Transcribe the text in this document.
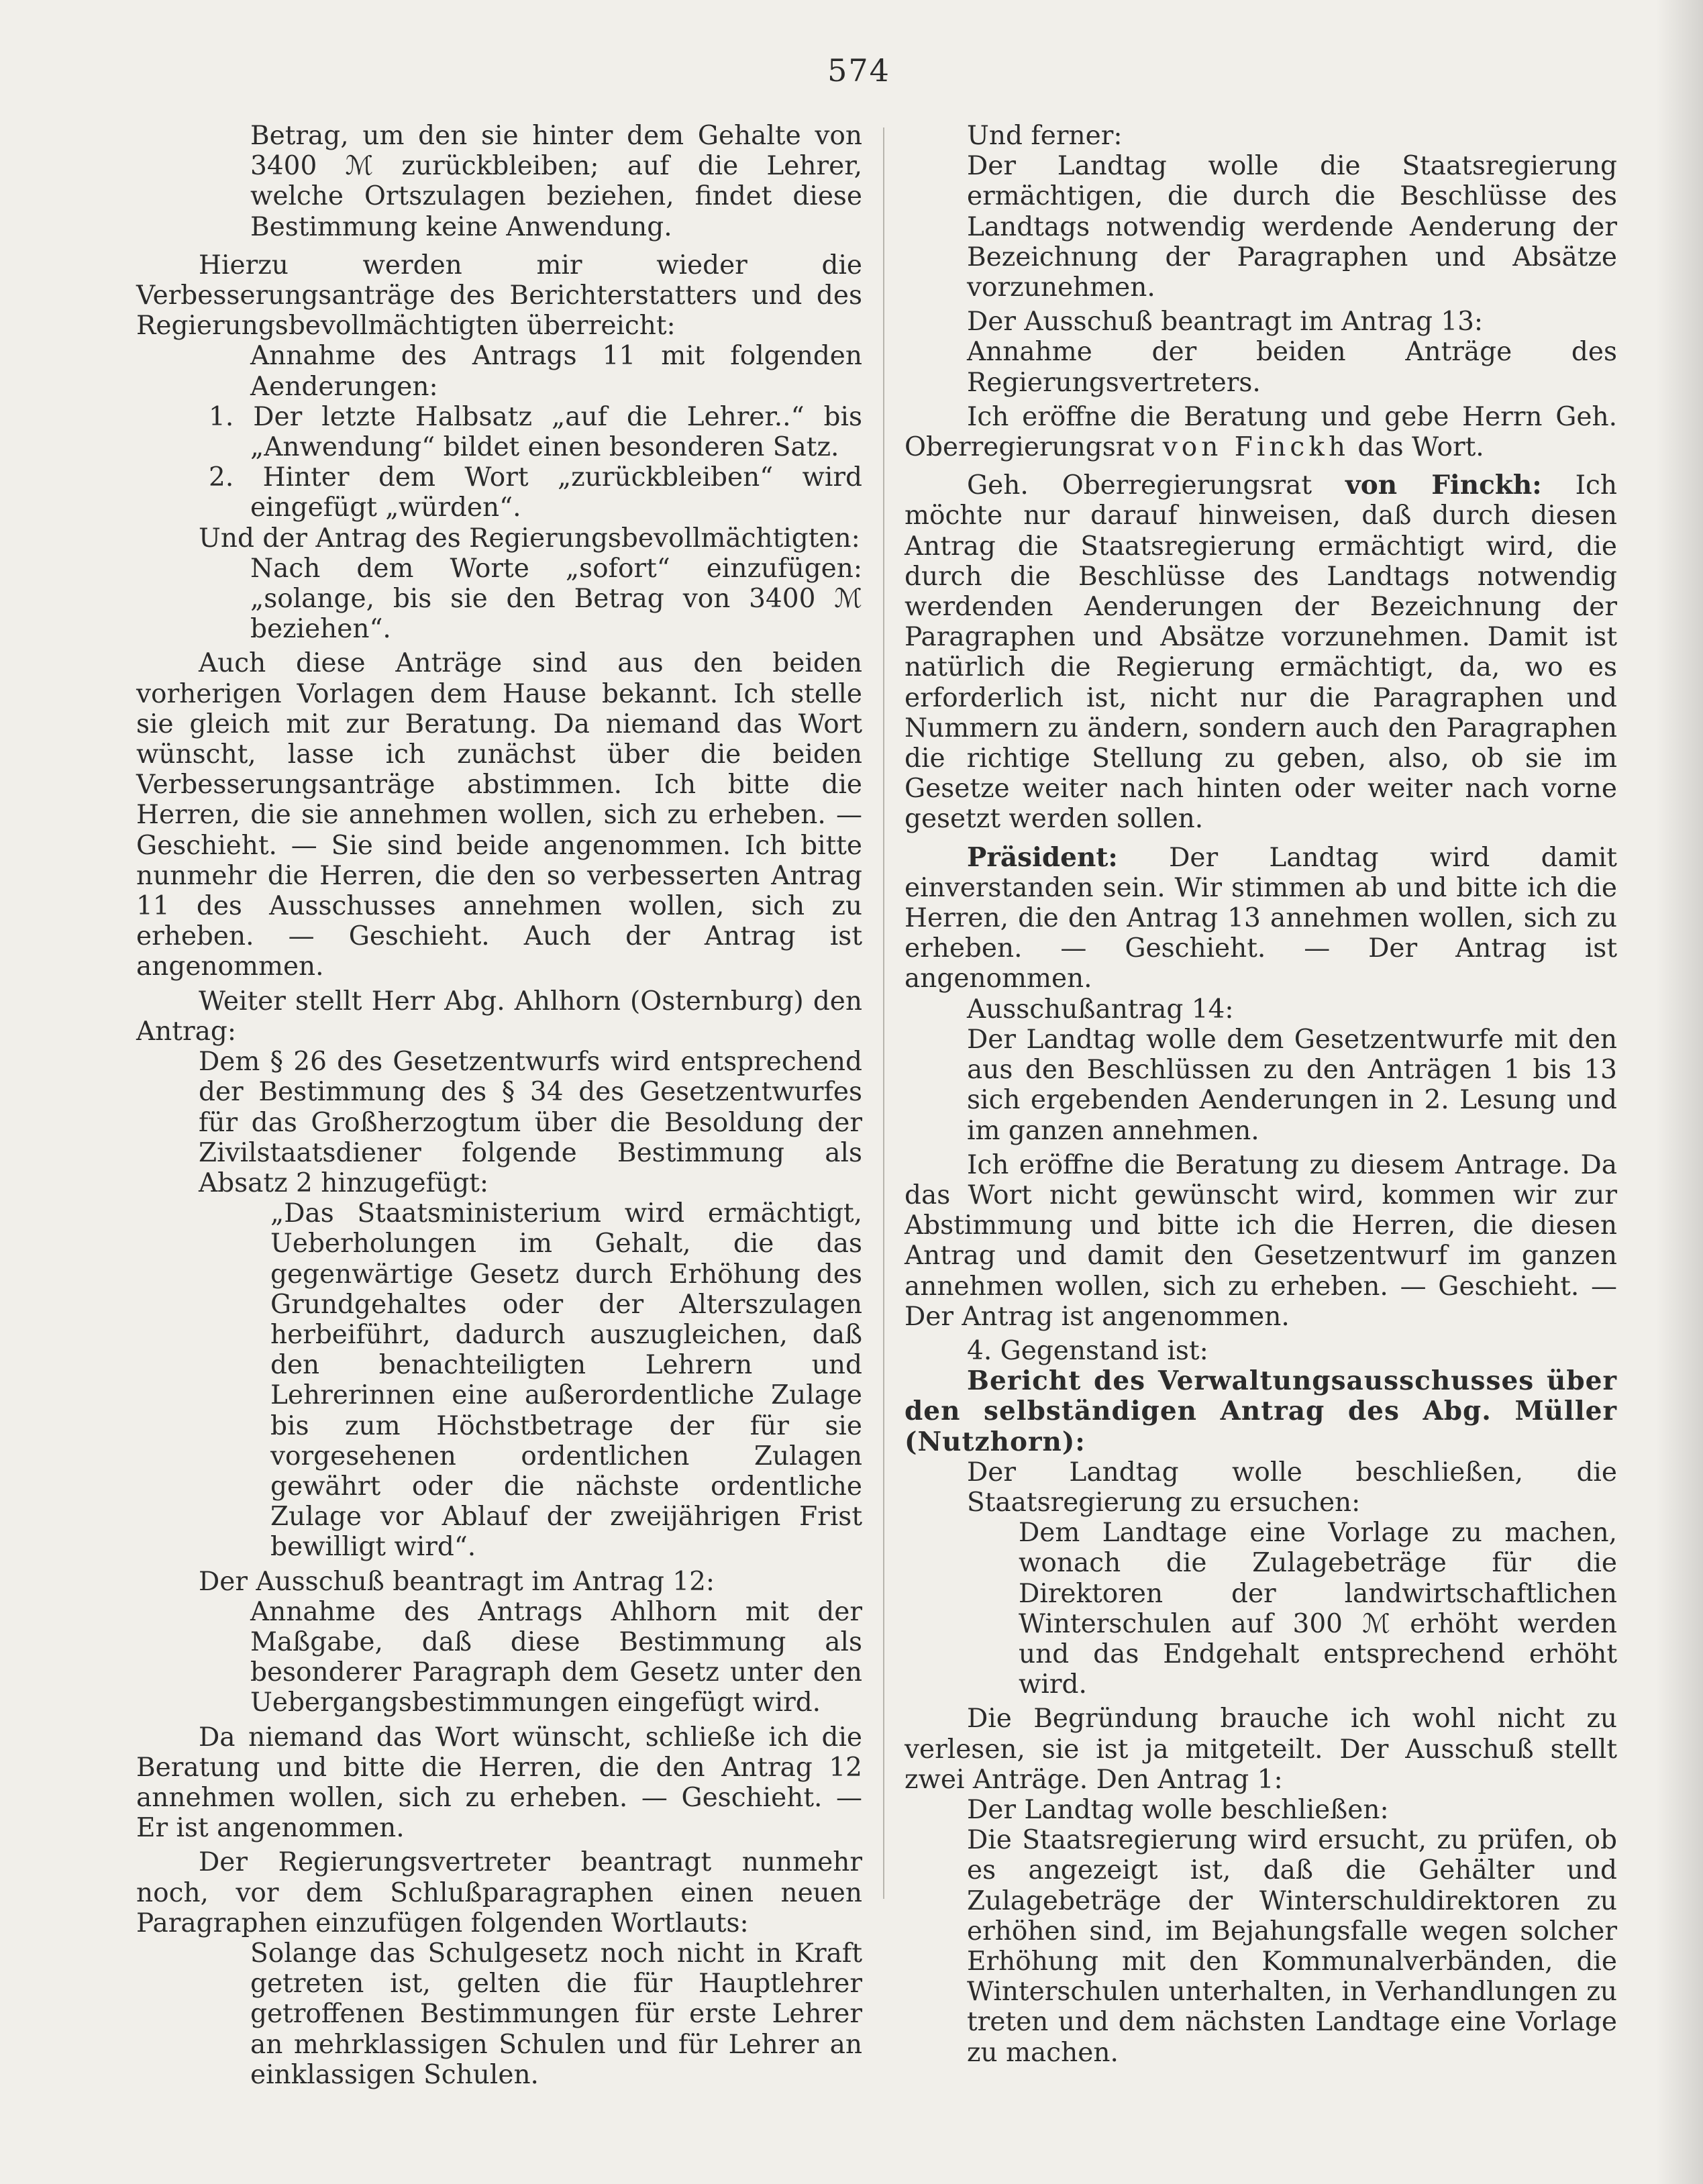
574

Betrag, um den sie hinter dem Gehalte von 3400 ℳ zurückbleiben; auf die Lehrer, welche Ortszulagen beziehen, findet diese Bestimmung keine Anwendung.

Hierzu werden mir wieder die Verbesserungsanträge des Berichterstatters und des Regierungsbevollmächtigten überreicht:

Annahme des Antrags 11 mit folgenden Aenderungen:

1. Der letzte Halbsatz „auf die Lehrer..“ bis „Anwendung“ bildet einen besonderen Satz.

2. Hinter dem Wort „zurückbleiben“ wird eingefügt „würden“.

Und der Antrag des Regierungsbevollmächtigten:

Nach dem Worte „sofort“ einzufügen: „solange, bis sie den Betrag von 3400 ℳ beziehen“.

Auch diese Anträge sind aus den beiden vorherigen Vorlagen dem Hause bekannt. Ich stelle sie gleich mit zur Beratung. Da niemand das Wort wünscht, lasse ich zunächst über die beiden Verbesserungsanträge abstimmen. Ich bitte die Herren, die sie annehmen wollen, sich zu erheben. — Geschieht. — Sie sind beide angenommen. Ich bitte nunmehr die Herren, die den so verbesserten Antrag 11 des Ausschusses annehmen wollen, sich zu erheben. — Geschieht. Auch der Antrag ist angenommen.

Weiter stellt Herr Abg. Ahlhorn (Osternburg) den Antrag:

Dem § 26 des Gesetzentwurfs wird entsprechend der Bestimmung des § 34 des Gesetzentwurfes für das Großherzogtum über die Besoldung der Zivilstaatsdiener folgende Bestimmung als Absatz 2 hinzugefügt:

„Das Staatsministerium wird ermächtigt, Ueberholungen im Gehalt, die das gegenwärtige Gesetz durch Erhöhung des Grundgehaltes oder der Alterszulagen herbeiführt, dadurch auszugleichen, daß den benachteiligten Lehrern und Lehrerinnen eine außerordentliche Zulage bis zum Höchstbetrage der für sie vorgesehenen ordentlichen Zulagen gewährt oder die nächste ordentliche Zulage vor Ablauf der zweijährigen Frist bewilligt wird“.

Der Ausschuß beantragt im Antrag 12:

Annahme des Antrags Ahlhorn mit der Maßgabe, daß diese Bestimmung als besonderer Paragraph dem Gesetz unter den Uebergangsbestimmungen eingefügt wird.

Da niemand das Wort wünscht, schließe ich die Beratung und bitte die Herren, die den Antrag 12 annehmen wollen, sich zu erheben. — Geschieht. — Er ist angenommen.

Der Regierungsvertreter beantragt nunmehr noch, vor dem Schlußparagraphen einen neuen Paragraphen einzufügen folgenden Wortlauts:

Solange das Schulgesetz noch nicht in Kraft getreten ist, gelten die für Hauptlehrer getroffenen Bestimmungen für erste Lehrer an mehrklassigen Schulen und für Lehrer an einklassigen Schulen.

Und ferner:

Der Landtag wolle die Staatsregierung ermächtigen, die durch die Beschlüsse des Landtags notwendig werdende Aenderung der Bezeichnung der Paragraphen und Absätze vorzunehmen.

Der Ausschuß beantragt im Antrag 13:

Annahme der beiden Anträge des Regierungsvertreters.

Ich eröffne die Beratung und gebe Herrn Geh. Oberregierungsrat von Finckh das Wort.

Geh. Oberregierungsrat von Finckh: Ich möchte nur darauf hinweisen, daß durch diesen Antrag die Staatsregierung ermächtigt wird, die durch die Beschlüsse des Landtags notwendig werdenden Aenderungen der Bezeichnung der Paragraphen und Absätze vorzunehmen. Damit ist natürlich die Regierung ermächtigt, da, wo es erforderlich ist, nicht nur die Paragraphen und Nummern zu ändern, sondern auch den Paragraphen die richtige Stellung zu geben, also, ob sie im Gesetze weiter nach hinten oder weiter nach vorne gesetzt werden sollen.

Präsident: Der Landtag wird damit einverstanden sein. Wir stimmen ab und bitte ich die Herren, die den Antrag 13 annehmen wollen, sich zu erheben. — Geschieht. — Der Antrag ist angenommen.

Ausschußantrag 14:

Der Landtag wolle dem Gesetzentwurfe mit den aus den Beschlüssen zu den Anträgen 1 bis 13 sich ergebenden Aenderungen in 2. Lesung und im ganzen annehmen.

Ich eröffne die Beratung zu diesem Antrage. Da das Wort nicht gewünscht wird, kommen wir zur Abstimmung und bitte ich die Herren, die diesen Antrag und damit den Gesetzentwurf im ganzen annehmen wollen, sich zu erheben. — Geschieht. — Der Antrag ist angenommen.

4. Gegenstand ist:

Bericht des Verwaltungsausschusses über den selbständigen Antrag des Abg. Müller (Nutzhorn):

Der Landtag wolle beschließen, die Staatsregierung zu ersuchen:

Dem Landtage eine Vorlage zu machen, wonach die Zulagebeträge für die Direktoren der landwirtschaftlichen Winterschulen auf 300 ℳ erhöht werden und das Endgehalt entsprechend erhöht wird.

Die Begründung brauche ich wohl nicht zu verlesen, sie ist ja mitgeteilt. Der Ausschuß stellt zwei Anträge. Den Antrag 1:

Der Landtag wolle beschließen:

Die Staatsregierung wird ersucht, zu prüfen, ob es angezeigt ist, daß die Gehälter und Zulagebeträge der Winterschuldirektoren zu erhöhen sind, im Bejahungsfalle wegen solcher Erhöhung mit den Kommunalverbänden, die Winterschulen unterhalten, in Verhandlungen zu treten und dem nächsten Landtage eine Vorlage zu machen.
